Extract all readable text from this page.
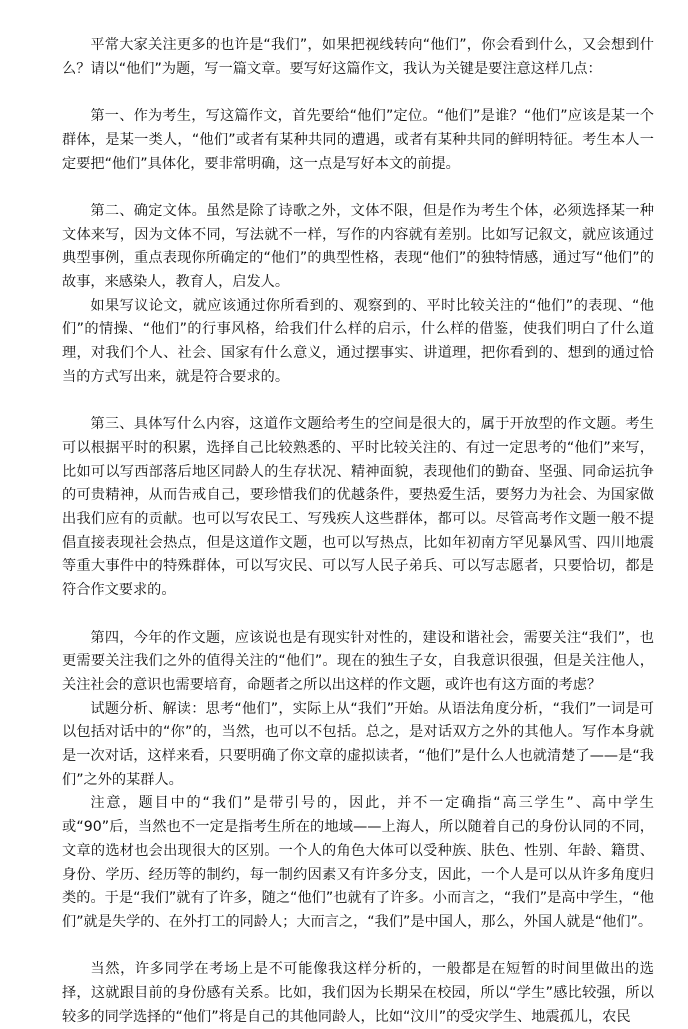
平常大家关注更多的也许是“我们”，如果把视线转向“他们”，你会看到什么，又会想到什么？请以“他们”为题，写一篇文章。要写好这篇作文，我认为关键是要注意这样几点：

第一、作为考生，写这篇作文，首先要给“他们”定位。“他们”是谁？“他们”应该是某一个群体，是某一类人，“他们”或者有某种共同的遭遇，或者有某种共同的鲜明特征。考生本人一定要把“他们”具体化，要非常明确，这一点是写好本文的前提。

第二、确定文体。虽然是除了诗歌之外，文体不限，但是作为考生个体，必须选择某一种文体来写，因为文体不同，写法就不一样，写作的内容就有差别。比如写记叙文，就应该通过典型事例，重点表现你所确定的“他们”的典型性格，表现“他们”的独特情感，通过写“他们”的故事，来感染人，教育人，启发人。

如果写议论文，就应该通过你所看到的、观察到的、平时比较关注的“他们”的表现、“他们”的情操、“他们”的行事风格，给我们什么样的启示，什么样的借鉴，使我们明白了什么道理，对我们个人、社会、国家有什么意义，通过摆事实、讲道理，把你看到的、想到的通过恰当的方式写出来，就是符合要求的。

第三、具体写什么内容，这道作文题给考生的空间是很大的，属于开放型的作文题。考生可以根据平时的积累，选择自己比较熟悉的、平时比较关注的、有过一定思考的“他们”来写，比如可以写西部落后地区同龄人的生存状况、精神面貌，表现他们的勤奋、坚强、同命运抗争的可贵精神，从而告戒自己，要珍惜我们的优越条件，要热爱生活，要努力为社会、为国家做出我们应有的贡献。也可以写农民工、写残疾人这些群体，都可以。尽管高考作文题一般不提倡直接表现社会热点，但是这道作文题，也可以写热点，比如年初南方罕见暴风雪、四川地震等重大事件中的特殊群体，可以写灾民、可以写人民子弟兵、可以写志愿者，只要恰切，都是符合作文要求的。

第四，今年的作文题，应该说也是有现实针对性的，建设和谐社会，需要关注“我们”，也更需要关注我们之外的值得关注的“他们”。现在的独生子女，自我意识很强，但是关注他人，关注社会的意识也需要培育，命题者之所以出这样的作文题，或许也有这方面的考虑？

试题分析、解读：思考“他们”，实际上从“我们”开始。从语法角度分析，“我们”一词是可以包括对话中的“你”的，当然，也可以不包括。总之，是对话双方之外的其他人。写作本身就是一次对话，这样来看，只要明确了你文章的虚拟读者，“他们”是什么人也就清楚了——是“我们”之外的某群人。

注意，题目中的“我们”是带引号的，因此，并不一定确指“高三学生”、高中学生或“90”后，当然也不一定是指考生所在的地域——上海人，所以随着自己的身份认同的不同，文章的选材也会出现很大的区别。一个人的角色大体可以受种族、肤色、性别、年龄、籍贯、身份、学历、经历等的制约，每一制约因素又有许多分支，因此，一个人是可以从许多角度归类的。于是“我们”就有了许多，随之“他们”也就有了许多。小而言之，“我们”是高中学生，“他们”就是失学的、在外打工的同龄人；大而言之，“我们”是中国人，那么，外国人就是“他们”。

当然，许多同学在考场上是不可能像我这样分析的，一般都是在短暂的时间里做出的选择，这就跟目前的身份感有关系。比如，我们因为长期呆在校园，所以“学生”感比较强，所以较多的同学选择的“他们”将是自己的其他同龄人，比如“汶川”的受灾学生、地震孤儿，农民
